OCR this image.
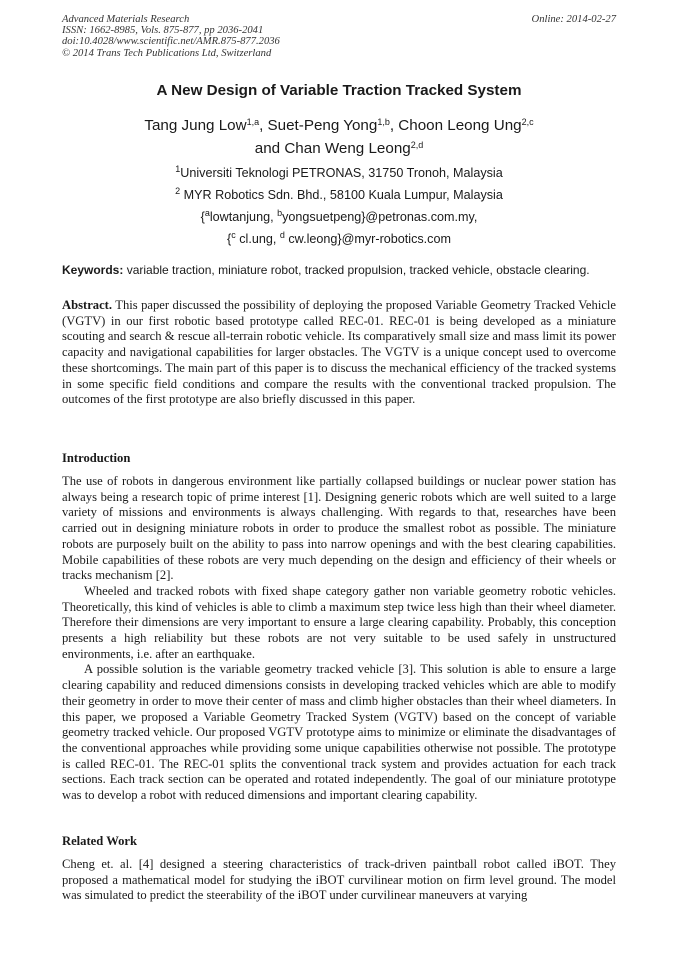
Advanced Materials Research
ISSN: 1662-8985, Vols. 875-877, pp 2036-2041
doi:10.4028/www.scientific.net/AMR.875-877.2036
© 2014 Trans Tech Publications Ltd, Switzerland
Online: 2014-02-27
A New Design of Variable Traction Tracked System
Tang Jung Low$^{1,a}$, Suet-Peng Yong$^{1,b}$, Choon Leong Ung$^{2,c}$
and Chan Weng Leong$^{2,d}$
$^1$Universiti Teknologi PETRONAS, 31750 Tronoh, Malaysia
$^2$ MYR Robotics Sdn. Bhd., 58100 Kuala Lumpur, Malaysia
{$^a$lowtanjung, $^b$yongsuetpeng}@petronas.com.my,
{$^c$ cl.ung, $^d$ cw.leong}@myr-robotics.com
Keywords: variable traction, miniature robot, tracked propulsion, tracked vehicle, obstacle clearing.

Abstract. This paper discussed the possibility of deploying the proposed Variable Geometry Tracked Vehicle (VGTV) in our first robotic based prototype called REC-01. REC-01 is being developed as a miniature scouting and search & rescue all-terrain robotic vehicle. Its comparatively small size and mass limit its power capacity and navigational capabilities for larger obstacles. The VGTV is a unique concept used to overcome these shortcomings. The main part of this paper is to discuss the mechanical efficiency of the tracked systems in some specific field conditions and compare the results with the conventional tracked propulsion. The outcomes of the first prototype are also briefly discussed in this paper.

Introduction

The use of robots in dangerous environment like partially collapsed buildings or nuclear power station has always being a research topic of prime interest [1]. Designing generic robots which are well suited to a large variety of missions and environments is always challenging. With regards to that, researches have been carried out in designing miniature robots in order to produce the smallest robot as possible. The miniature robots are purposely built on the ability to pass into narrow openings and with the best clearing capabilities. Mobile capabilities of these robots are very much depending on the design and efficiency of their wheels or tracks mechanism [2].

Wheeled and tracked robots with fixed shape category gather non variable geometry robotic vehicles. Theoretically, this kind of vehicles is able to climb a maximum step twice less high than their wheel diameter. Therefore their dimensions are very important to ensure a large clearing capability. Probably, this conception presents a high reliability but these robots are not very suitable to be used safely in unstructured environments, i.e. after an earthquake.

A possible solution is the variable geometry tracked vehicle [3]. This solution is able to ensure a large clearing capability and reduced dimensions consists in developing tracked vehicles which are able to modify their geometry in order to move their center of mass and climb higher obstacles than their wheel diameters. In this paper, we proposed a Variable Geometry Tracked System (VGTV) based on the concept of variable geometry tracked vehicle. Our proposed VGTV prototype aims to minimize or eliminate the disadvantages of the conventional approaches while providing some unique capabilities otherwise not possible. The prototype is called REC-01. The REC-01 splits the conventional track system and provides actuation for each track sections. Each track section can be operated and rotated independently. The goal of our miniature prototype was to develop a robot with reduced dimensions and important clearing capability.

Related Work

Cheng et. al. [4] designed a steering characteristics of track-driven paintball robot called iBOT. They proposed a mathematical model for studying the iBOT curvilinear motion on firm level ground. The model was simulated to predict the steerability of the iBOT under curvilinear maneuvers at varying
